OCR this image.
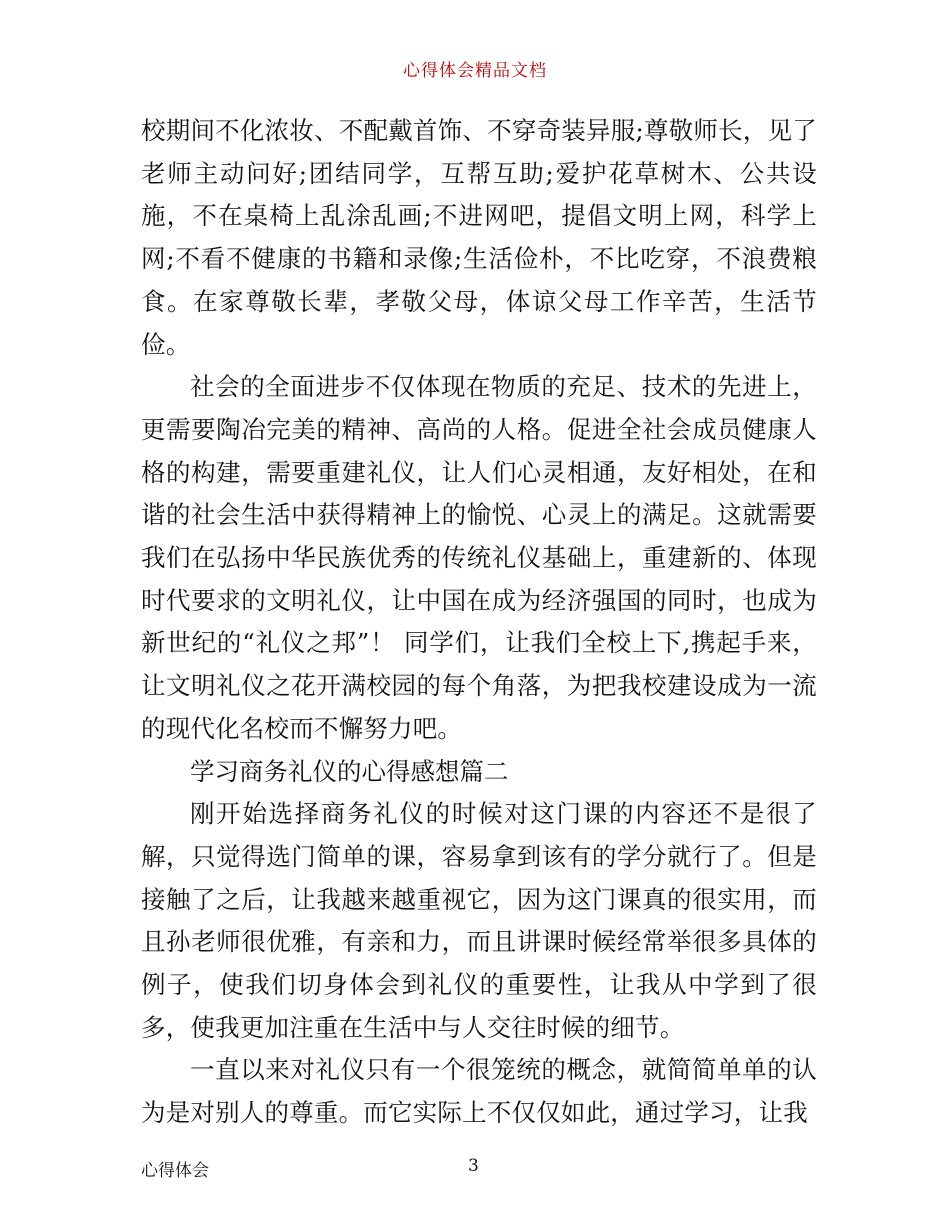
心得体会精品文档

校期间不化浓妆、不配戴首饰、不穿奇装异服;尊敬师长，见了老师主动问好;团结同学，互帮互助;爱护花草树木、公共设施，不在桌椅上乱涂乱画;不进网吧，提倡文明上网，科学上网;不看不健康的书籍和录像;生活俭朴，不比吃穿，不浪费粮食。在家尊敬长辈，孝敬父母，体谅父母工作辛苦，生活节俭。

社会的全面进步不仅体现在物质的充足、技术的先进上，更需要陶冶完美的精神、高尚的人格。促进全社会成员健康人格的构建，需要重建礼仪，让人们心灵相通，友好相处，在和谐的社会生活中获得精神上的愉悦、心灵上的满足。这就需要我们在弘扬中华民族优秀的传统礼仪基础上，重建新的、体现时代要求的文明礼仪，让中国在成为经济强国的同时，也成为新世纪的“礼仪之邦”！ 同学们，让我们全校上下,携起手来，让文明礼仪之花开满校园的每个角落，为把我校建设成为一流的现代化名校而不懈努力吧。

学习商务礼仪的心得感想篇二

刚开始选择商务礼仪的时候对这门课的内容还不是很了解，只觉得选门简单的课，容易拿到该有的学分就行了。但是接触了之后，让我越来越重视它，因为这门课真的很实用，而且孙老师很优雅，有亲和力，而且讲课时候经常举很多具体的例子，使我们切身体会到礼仪的重要性，让我从中学到了很多，使我更加注重在生活中与人交往时候的细节。

一直以来对礼仪只有一个很笼统的概念，就简简单单的认为是对别人的尊重。而它实际上不仅仅如此，通过学习，让我

心得体会	3
